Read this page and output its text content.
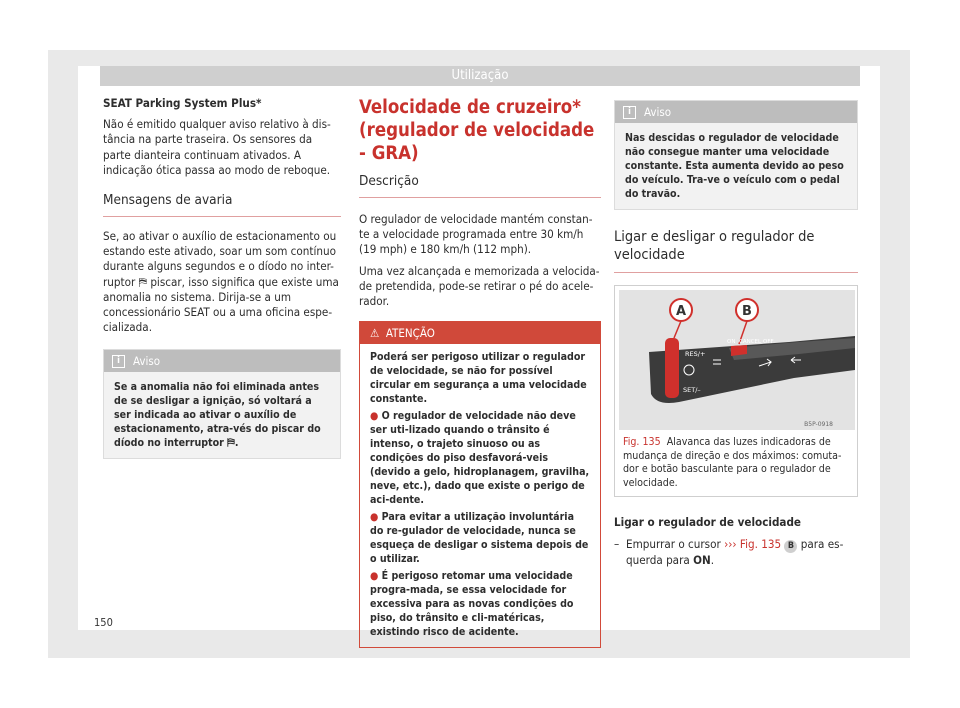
Utilização

SEAT Parking System Plus*

Não é emitido qualquer aviso relativo à dis-tância na parte traseira. Os sensores da parte dianteira continuam ativados. A indicação ótica passa ao modo de reboque.

Mensagens de avaria

Se, ao ativar o auxílio de estacionamento ou estando este ativado, soar um som contínuo durante alguns segundos e o díodo no inter-ruptor ⛿ piscar, isso significa que existe uma anomalia no sistema. Dirija-se a um concessionário SEAT ou a uma oficina espe-cializada.

i	Aviso
Se a anomalia não foi eliminada antes de se desligar a ignição, só voltará a ser indicada ao ativar o auxílio de estacionamento, atra-vés do piscar do díodo no interruptor ⛿.
Velocidade de cruzeiro* (regulador de velocidade - GRA)
Descrição

O regulador de velocidade mantém constan-te a velocidade programada entre 30 km/h (19 mph) e 180 km/h (112 mph).

Uma vez alcançada e memorizada a velocida-de pretendida, pode-se retirar o pé do acele-rador.

⚠  ATENÇÃO
Poderá ser perigoso utilizar o regulador de velocidade, se não for possível circular em segurança a uma velocidade constante.
● O regulador de velocidade não deve ser uti-lizado quando o trânsito é intenso, o trajeto sinuoso ou as condições do piso desfavorá-veis (devido a gelo, hidroplanagem, gravilha, neve, etc.), dado que existe o perigo de aci-dente.
● Para evitar a utilização involuntária do re-gulador de velocidade, nunca se esqueça de desligar o sistema depois de o utilizar.
● É perigoso retomar uma velocidade progra-mada, se essa velocidade for excessiva para as novas condições do piso, do trânsito e cli-matéricas, existindo risco de acidente.
i	Aviso
Nas descidas o regulador de velocidade não consegue manter uma velocidade constante. Esta aumenta devido ao peso do veículo. Tra-ve o veículo com o pedal do travão.
Ligar e desligar o regulador de velocidade
A	B
RES/+
SET/–
ON CANCEL OFF
B5P-0918
Fig. 135 Alavanca das luzes indicadoras de mudança de direção e dos máximos: comuta-dor e botão basculante para o regulador de velocidade.

Ligar o regulador de velocidade

– Empurrar o cursor ››› Fig. 135 B para es-querda para ON.
150
